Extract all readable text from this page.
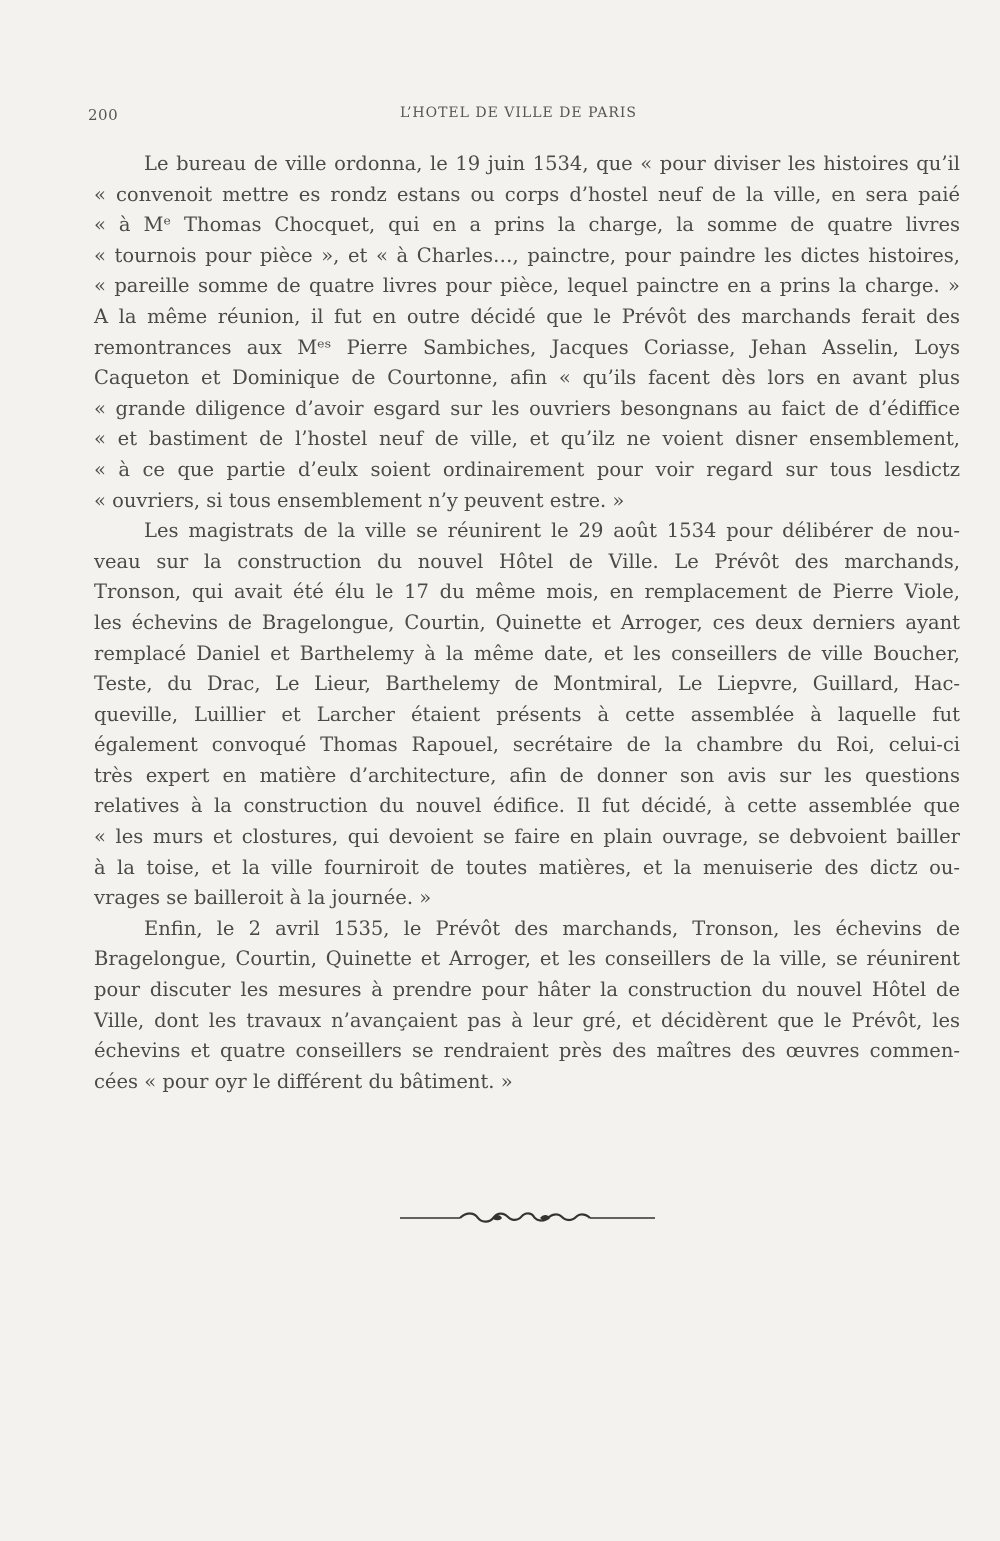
200	L’HOTEL DE VILLE DE PARIS
Le bureau de ville ordonna, le 19 juin 1534, que « pour diviser les histoires qu’il
« convenoit mettre es rondz estans ou corps d’hostel neuf de la ville, en sera paié
« à Mᵉ Thomas Chocquet, qui en a prins la charge, la somme de quatre livres
« tournois pour pièce », et « à Charles…, painctre, pour paindre les dictes histoires,
« pareille somme de quatre livres pour pièce, lequel painctre en a prins la charge. »
A la même réunion, il fut en outre décidé que le Prévôt des marchands ferait des
remontrances aux Mᵉˢ Pierre Sambiches, Jacques Coriasse, Jehan Asselin, Loys
Caqueton et Dominique de Courtonne, afin « qu’ils facent dès lors en avant plus
« grande diligence d’avoir esgard sur les ouvriers besongnans au faict de d’édiffice
« et bastiment de l’hostel neuf de ville, et qu’ilz ne voient disner ensemblement,
« à ce que partie d’eulx soient ordinairement pour voir regard sur tous lesdictz
« ouvriers, si tous ensemblement n’y peuvent estre. »
Les magistrats de la ville se réunirent le 29 août 1534 pour délibérer de nou-
veau sur la construction du nouvel Hôtel de Ville. Le Prévôt des marchands,
Tronson, qui avait été élu le 17 du même mois, en remplacement de Pierre Viole,
les échevins de Bragelongue, Courtin, Quinette et Arroger, ces deux derniers ayant
remplacé Daniel et Barthelemy à la même date, et les conseillers de ville Boucher,
Teste, du Drac, Le Lieur, Barthelemy de Montmiral, Le Liepvre, Guillard, Hac-
queville, Luillier et Larcher étaient présents à cette assemblée à laquelle fut
également convoqué Thomas Rapouel, secrétaire de la chambre du Roi, celui-ci
très expert en matière d’architecture, afin de donner son avis sur les questions
relatives à la construction du nouvel édifice. Il fut décidé, à cette assemblée que
« les murs et clostures, qui devoient se faire en plain ouvrage, se debvoient bailler
à la toise, et la ville fourniroit de toutes matières, et la menuiserie des dictz ou-
vrages se bailleroit à la journée. »
Enfin, le 2 avril 1535, le Prévôt des marchands, Tronson, les échevins de
Bragelongue, Courtin, Quinette et Arroger, et les conseillers de la ville, se réunirent
pour discuter les mesures à prendre pour hâter la construction du nouvel Hôtel de
Ville, dont les travaux n’avançaient pas à leur gré, et décidèrent que le Prévôt, les
échevins et quatre conseillers se rendraient près des maîtres des œuvres commen-
cées « pour oyr le différent du bâtiment. »
